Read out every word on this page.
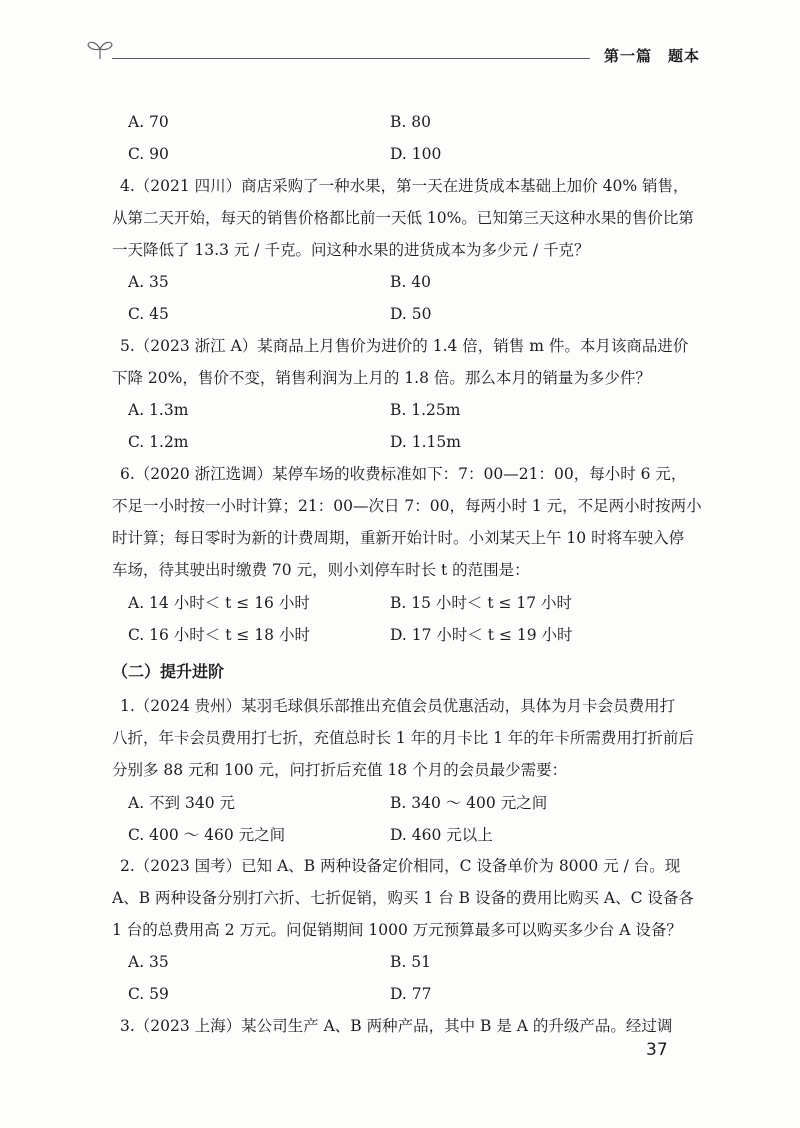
第一篇　题本
A. 70	B. 80
C. 90	D. 100
4.（2021 四川）商店采购了一种水果，第一天在进货成本基础上加价 40% 销售，
从第二天开始，每天的销售价格都比前一天低 10%。已知第三天这种水果的售价比第
一天降低了 13.3 元 / 千克。问这种水果的进货成本为多少元 / 千克？
A. 35	B. 40
C. 45	D. 50
5.（2023 浙江 A）某商品上月售价为进价的 1.4 倍，销售 m 件。本月该商品进价
下降 20%，售价不变，销售利润为上月的 1.8 倍。那么本月的销量为多少件？
A. 1.3m	B. 1.25m
C. 1.2m	D. 1.15m
6.（2020 浙江选调）某停车场的收费标准如下：7：00—21：00，每小时 6 元，
不足一小时按一小时计算；21：00—次日 7：00，每两小时 1 元，不足两小时按两小
时计算；每日零时为新的计费周期，重新开始计时。小刘某天上午 10 时将车驶入停
车场，待其驶出时缴费 70 元，则小刘停车时长 t 的范围是：
A. 14 小时＜ t ≤ 16 小时	B. 15 小时＜ t ≤ 17 小时
C. 16 小时＜ t ≤ 18 小时	D. 17 小时＜ t ≤ 19 小时
（二）提升进阶
1.（2024 贵州）某羽毛球俱乐部推出充值会员优惠活动，具体为月卡会员费用打
八折，年卡会员费用打七折，充值总时长 1 年的月卡比 1 年的年卡所需费用打折前后
分别多 88 元和 100 元，问打折后充值 18 个月的会员最少需要：
A. 不到 340 元	B. 340 ～ 400 元之间
C. 400 ～ 460 元之间	D. 460 元以上
2.（2023 国考）已知 A、B 两种设备定价相同，C 设备单价为 8000 元 / 台。现
A、B 两种设备分别打六折、七折促销，购买 1 台 B 设备的费用比购买 A、C 设备各
1 台的总费用高 2 万元。问促销期间 1000 万元预算最多可以购买多少台 A 设备？
A. 35	B. 51
C. 59	D. 77
3.（2023 上海）某公司生产 A、B 两种产品，其中 B 是 A 的升级产品。经过调
37
